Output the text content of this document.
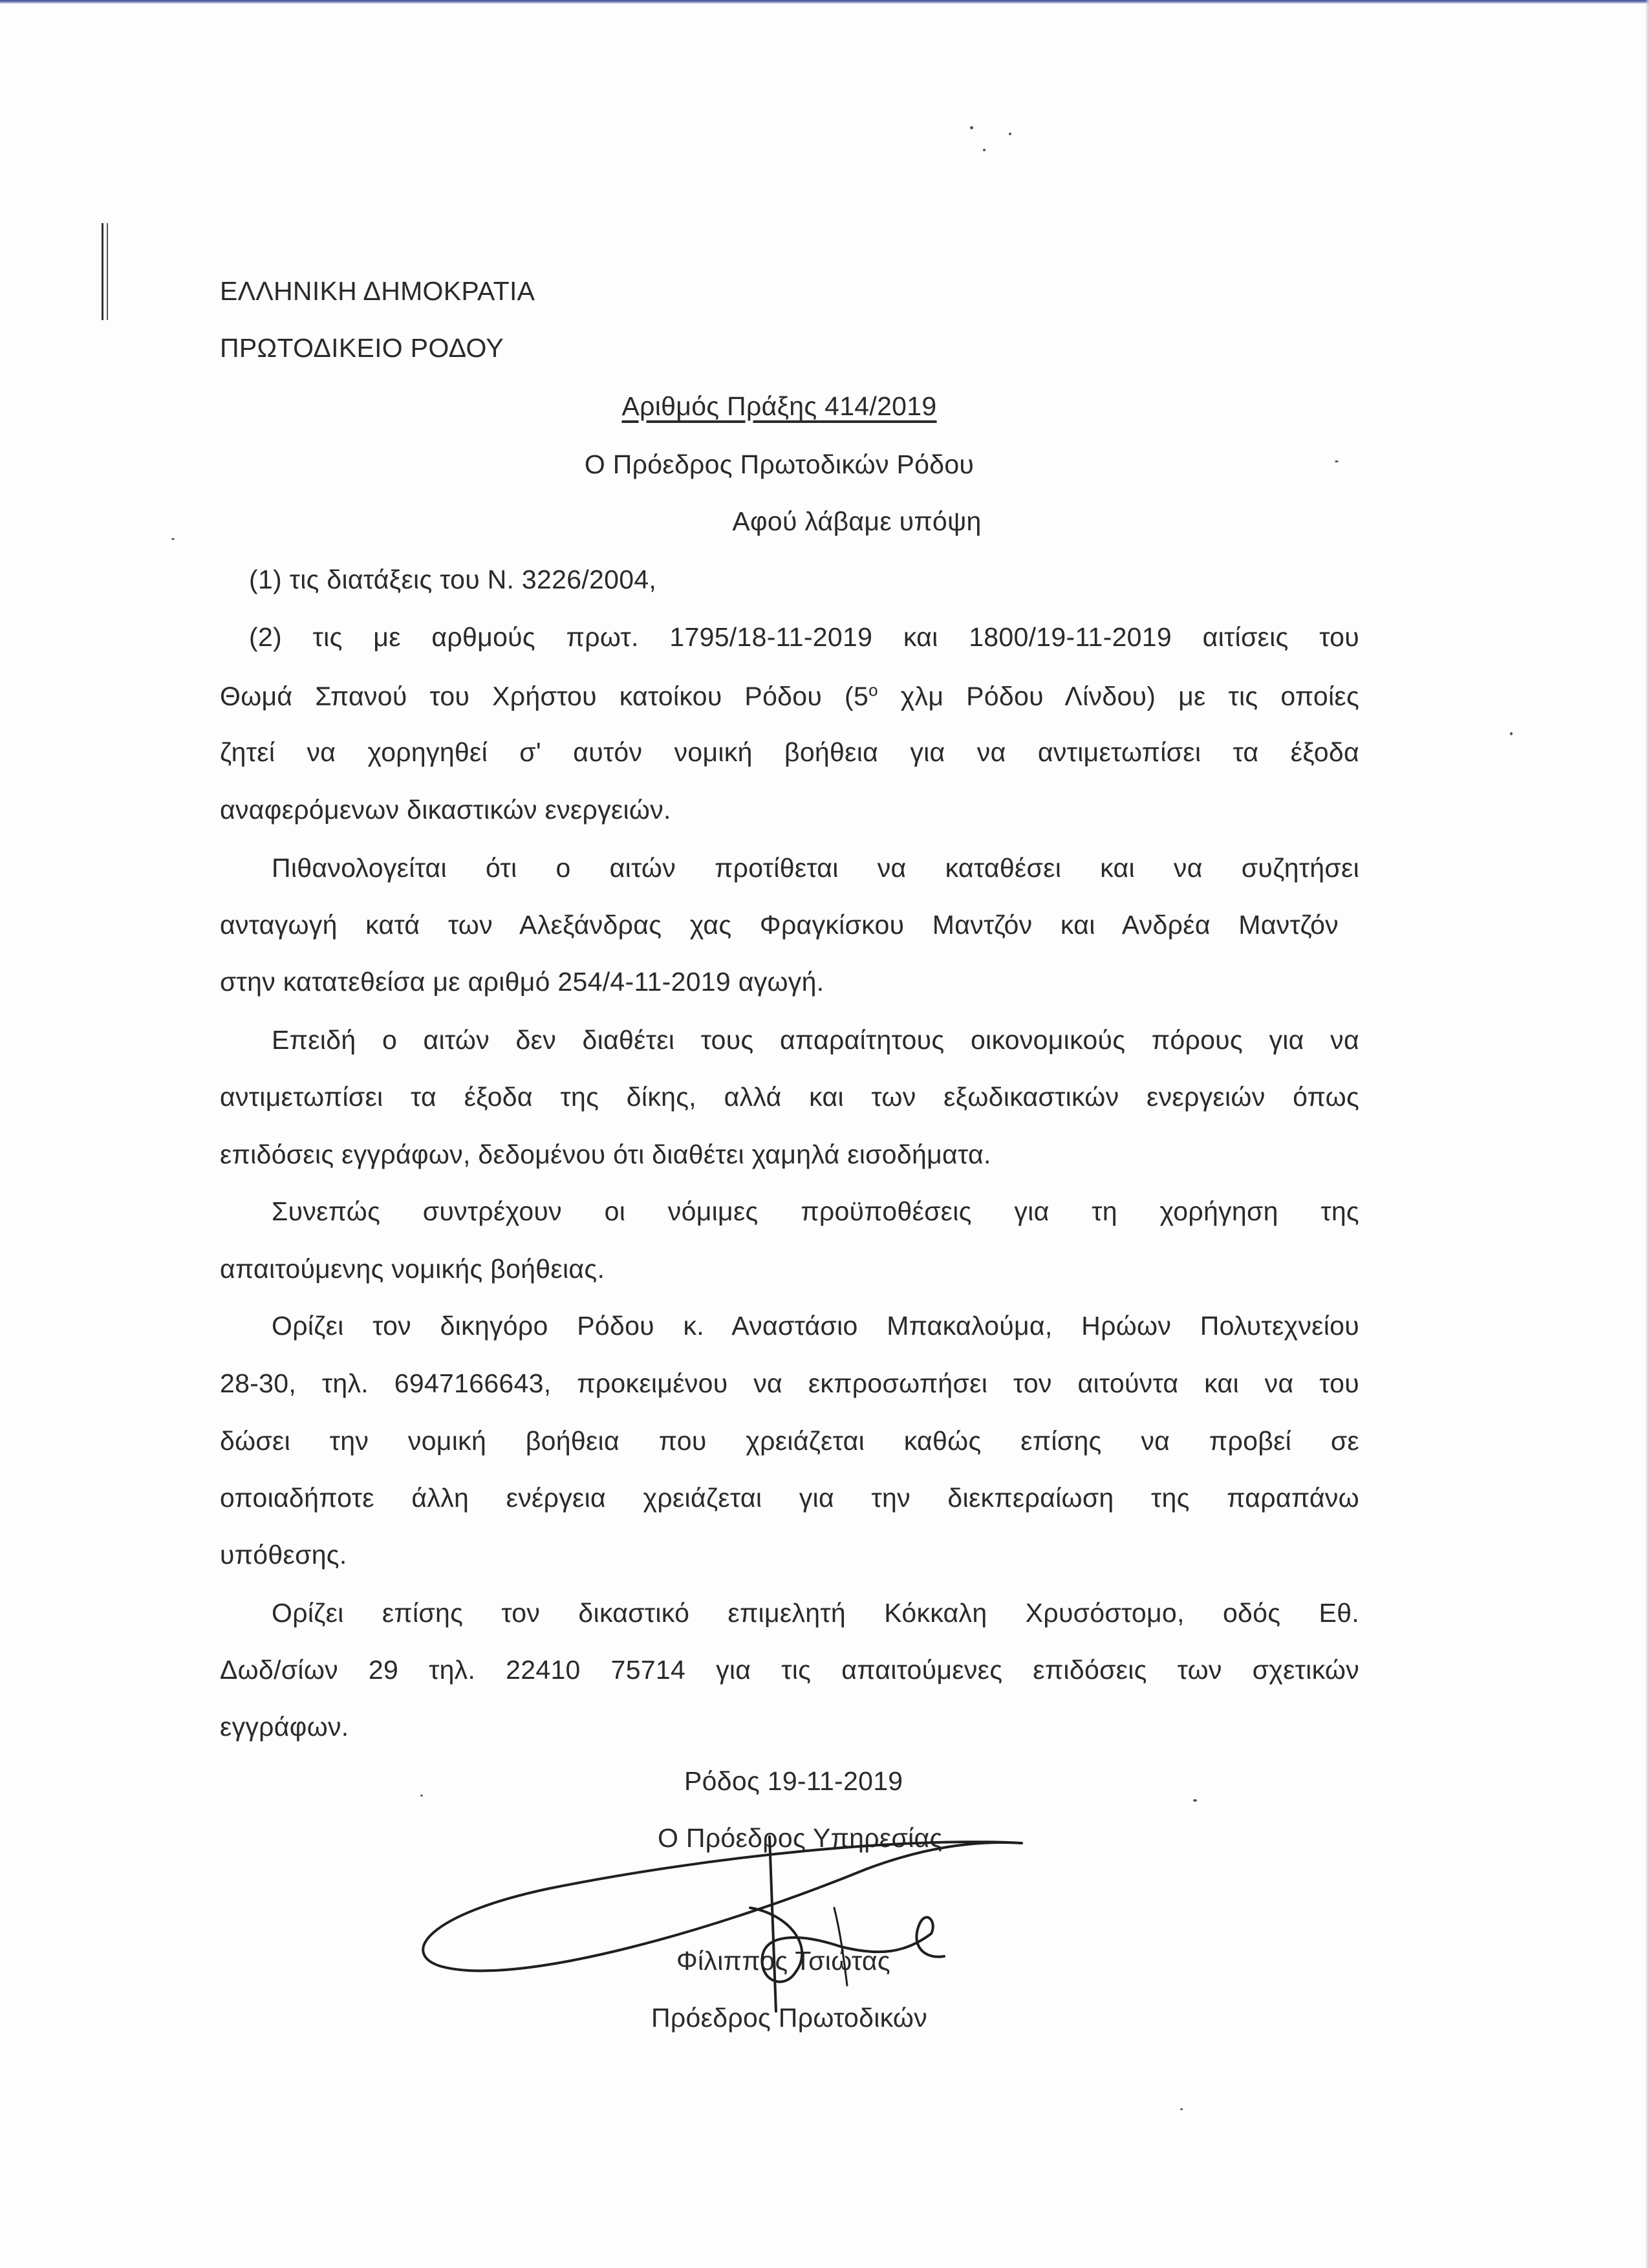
ΕΛΛΗΝΙΚΗ ΔΗΜΟΚΡΑΤΙΑ
ΠΡΩΤΟΔΙΚΕΙΟ ΡΟΔΟΥ
Αριθμός Πράξης 414/2019
Ο Πρόεδρος Πρωτοδικών Ρόδου
Αφού λάβαμε υπόψη
(1) τις διατάξεις του Ν. 3226/2004,
(2) τις με αρθμούς πρωτ. 1795/18-11-2019 και 1800/19-11-2019 αιτίσεις του
Θωμά Σπανού του Χρήστου κατοίκου Ρόδου ($5^o$ χλμ Ρόδου Λίνδου) με τις οποίες
ζητεί να χορηγηθεί σ' αυτόν νομική βοήθεια για να αντιμετωπίσει τα έξοδα
αναφερόμενων δικαστικών ενεργειών.
Πιθανολογείται ότι ο αιτών προτίθεται να καταθέσει και να συζητήσει
ανταγωγή κατά των Αλεξάνδρας χας Φραγκίσκου Μαντζόν και Ανδρέα Μαντζόν
στην κατατεθείσα με αριθμό 254/4-11-2019 αγωγή.
Επειδή ο αιτών δεν διαθέτει τους απαραίτητους οικονομικούς πόρους για να
αντιμετωπίσει τα έξοδα της δίκης, αλλά και των εξωδικαστικών ενεργειών όπως
επιδόσεις εγγράφων, δεδομένου ότι διαθέτει χαμηλά εισοδήματα.
Συνεπώς συντρέχουν οι νόμιμες προϋποθέσεις για τη χορήγηση της
απαιτούμενης νομικής βοήθειας.
Ορίζει τον δικηγόρο Ρόδου κ. Αναστάσιο Μπακαλούμα, Ηρώων Πολυτεχνείου
28-30, τηλ. 6947166643, προκειμένου να εκπροσωπήσει τον αιτούντα και να του
δώσει την νομική βοήθεια που χρειάζεται καθώς επίσης να προβεί σε
οποιαδήποτε άλλη ενέργεια χρειάζεται για την διεκπεραίωση της παραπάνω
υπόθεσης.
Ορίζει επίσης τον δικαστικό επιμελητή Κόκκαλη Χρυσόστομο, οδός Εθ.
Δωδ/σίων 29 τηλ. 22410 75714 για τις απαιτούμενες επιδόσεις των σχετικών
εγγράφων.
Ρόδος 19-11-2019
Ο Πρόεδρος Υπηρεσίας
Φίλιππος Τσιώτας
Πρόεδρος Πρωτοδικών
